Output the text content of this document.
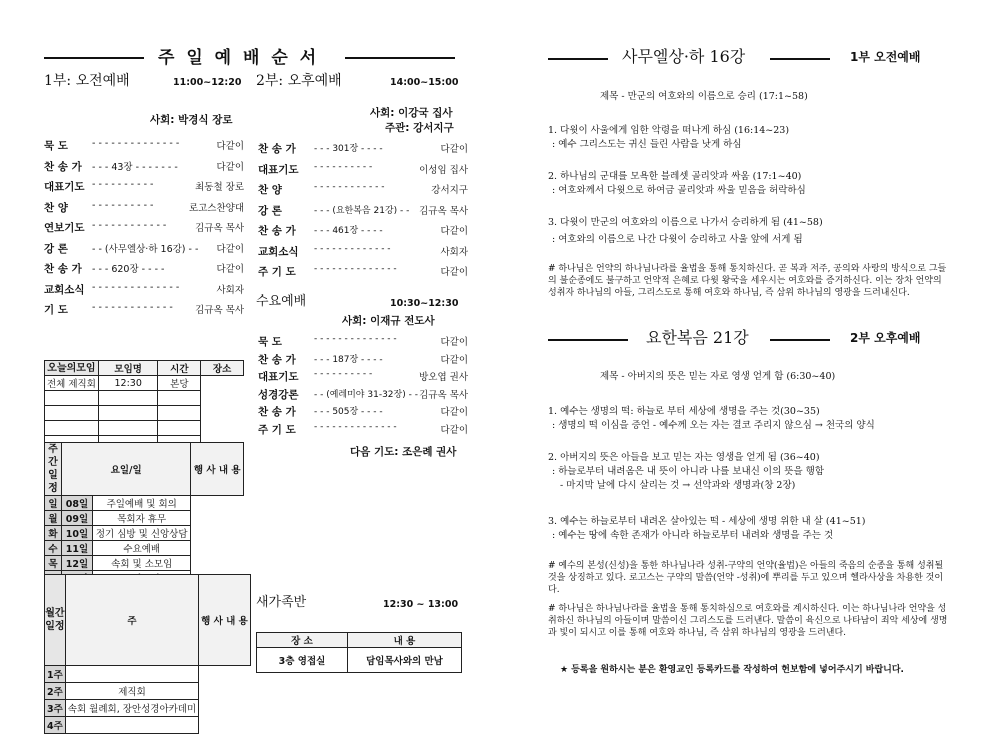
주 일 예 배 순 서
1부: 오전예배	11:00~12:20
사회: 박경식 장로
2부: 오후예배	14:00~15:00
사회: 이강국 집사
주관: 강서지구
묵 도	- - - - - - - - - - - - - -	다같이
찬 송 가 - - - 43장 - - - - - - -	다같이
대표기도 - - - - - - - - - -	최동철 장로
찬 양	- - - - - - - - - -	로고스찬양대
연보기도 - - - - - - - - - - - -	김규옥 목사
강 론	- - (사무엘상·하 16강) - - 다같이
찬 송 가 - - - 620장 - - - -	다같이
교회소식 - - - - - - - - - - - - - -	사회자
기 도	- - - - - - - - - - - - - 김규옥 목사
찬 송 가 - - - 301장 - - - -	다같이
대표기도 - - - - - - - - - -	이성임 집사
찬 양	- - - - - - - - - - - -	강서지구
강 론	- - - (요한복음 21강) - - 김규옥 목사
찬 송 가 - - - 461장 - - - -	다같이
교회소식 - - - - - - - - - - - - -	사회자
주 기 도 - - - - - - - - - - - - - -	다같이
수요예배	10:30~12:30
사회: 이재규 전도사
묵 도	- - - - - - - - - - - - - -	다같이
찬 송 가 - - - 187장 - - - -	다같이
대표기도 - - - - - - - - - -	방오엽 권사
성경강론 - - (예레미야 31-32장) - - 김규옥 목사
찬 송 가 - - - 505장 - - - -	다같이
주 기 도 - - - - - - - - - - - - - -	다같이
다음 기도: 조은례 권사
새가족반	12:30 ~ 13:00
장 소	내 용
3층 영접실	담임목사와의 만남
오늘의모임	모임명	시간	장소
전체 제직회	12:30	본당	

주간일정	요일/일		행 사 내 용
일	08일	주일예배 및 회의	
월	09일	목회자 휴무	
화	10일	정기 심방 및 신앙상담	
수	11일	수요예배	
목	12일	속회 및 소모임	

월간일정	주	행 사 내 용
1주		
2주	제직회	
3주	속회 월례회, 장안성경아카데미	
4주		
사무엘상·하 16강	1부 오전예배
제목 - 만군의 여호와의 이름으로 승리 (17:1~58)
1. 다윗이 사울에게 임한 악령을 떠나게 하심 (16:14~23)
: 예수 그리스도는 귀신 들린 사람을 낫게 하심
2. 하나님의 군대를 모욕한 블레셋 골리앗과 싸움 (17:1~40)
: 여호와께서 다윗으로 하여금 골리앗과 싸울 믿음을 허락하심
3. 다윗이 만군의 여호와의 이름으로 나가서 승리하게 됨 (41~58)
: 여호와의 이름으로 나간 다윗이 승리하고 사울 앞에 서게 됨
# 하나님은 언약의 하나님나라를 율법을 통해 통치하신다. 곧 복과 저주, 공의와 사랑의 방식으로 그들의 불순종에도 불구하고 언약적 은혜로 다윗 왕국을 세우시는 여호와를 증거하신다. 이는 장차 언약의 성취자 하나님의 아들, 그리스도로 통해 여호와 하나님, 즉 삼위 하나님의 영광을 드러내신다.
요한복음 21강	2부 오후예배
제목 - 아버지의 뜻은 믿는 자로 영생 얻게 함 (6:30~40)
1. 예수는 생명의 떡: 하늘로 부터 세상에 생명을 주는 것(30~35)
: 생명의 떡 이심을 증언 - 예수께 오는 자는 결코 주리지 않으심 → 천국의 양식
2. 아버지의 뜻은 아들을 보고 믿는 자는 영생을 얻게 됨 (36~40)
: 하늘로부터 내려옴은 내 뜻이 아니라 나를 보내신 이의 뜻을 행함
- 마지막 날에 다시 살리는 것 → 선악과와 생명과(창 2장)
3. 예수는 하늘로부터 내려온 살아있는 떡 - 세상에 생명 위한 내 살 (41~51)
: 예수는 땅에 속한 존재가 아니라 하늘로부터 내려와 생명을 주는 것
# 예수의 본성(신성)을 통한 하나님나라 성취-구약의 언약(율법)은 아들의 죽음의 순종을 통해 성취될 것을 상징하고 있다. 로고스는 구약의 말씀(언약 -성취)에 뿌리를 두고 있으며 헬라사상을 차용한 것이다.
# 하나님은 하나님나라를 율법을 통해 통치하심으로 여호와를 계시하신다. 이는 하나님나라 언약을 성취하신 하나님의 아들이며 말씀이신 그리스도를 드러낸다. 말씀이 육신으로 나타남이 죄악 세상에 생명과 빛이 되시고 이를 통해 여호와 하나님, 즉 삼위 하나님의 영광을 드러낸다.
★ 등록을 원하시는 분은 환영교인 등록카드를 작성하여 헌보함에 넣어주시기 바랍니다.
